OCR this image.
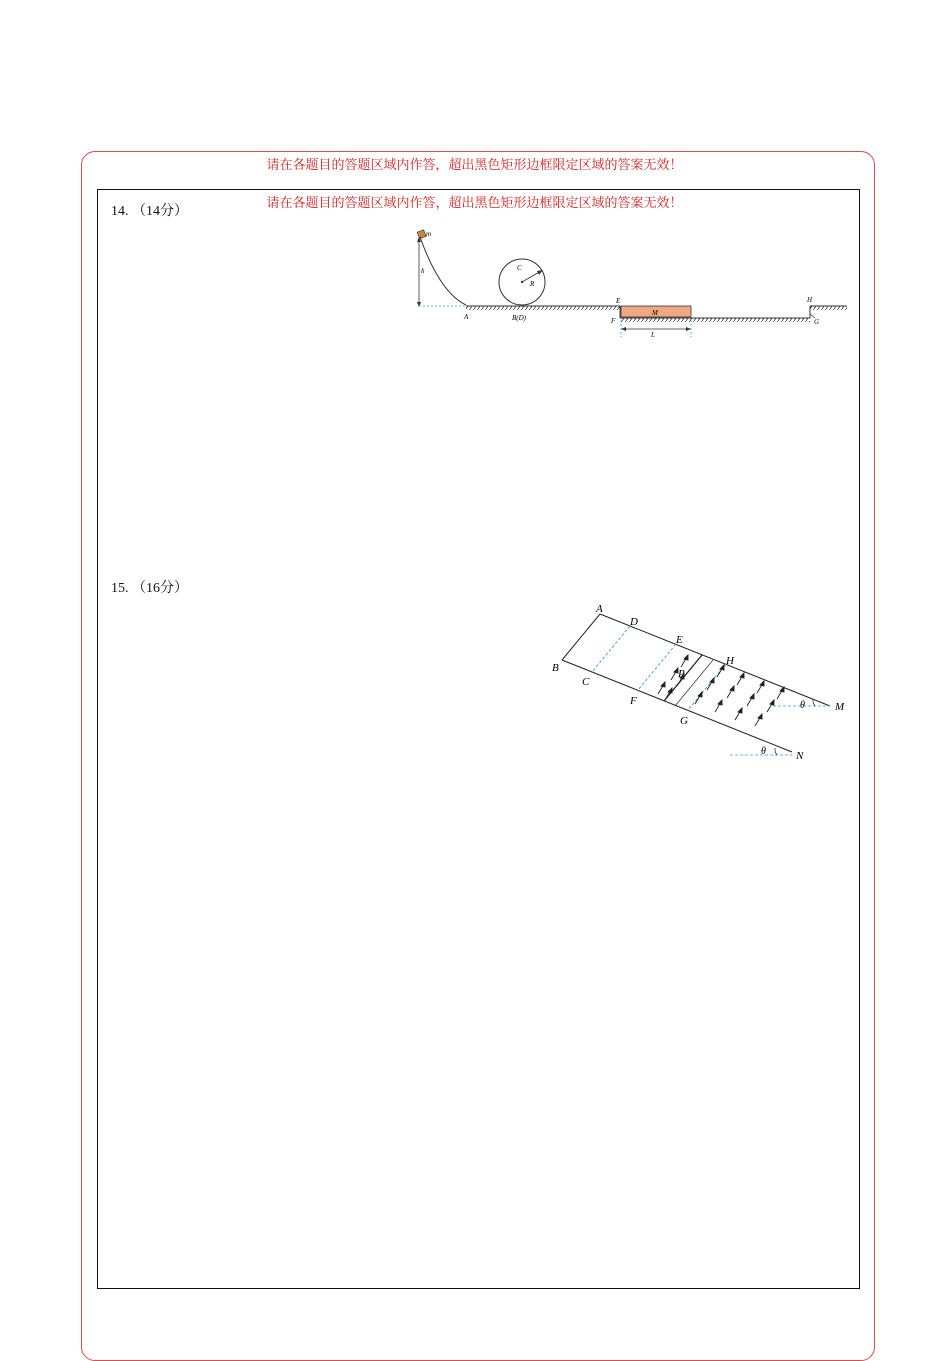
请在各题目的答题区域内作答，超出黑色矩形边框限定区域的答案无效！
请在各题目的答题区域内作答，超出黑色矩形边框限定区域的答案无效！
14. （14分）
15. （16分）
m
h
A
C
R
B(D)
M
E
F
L
H
G
θ
θ
A
B
C
D
E
F
G
H
P
M
N
